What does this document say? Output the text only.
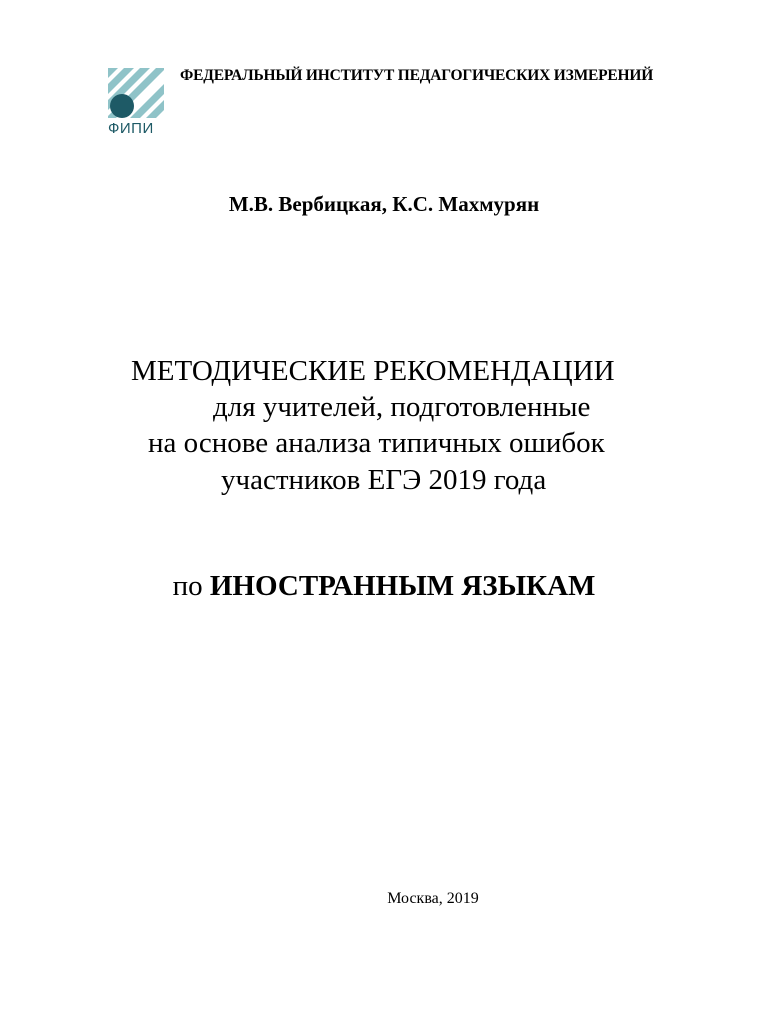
ФИПИ
ФЕДЕРАЛЬНЫЙ ИНСТИТУТ ПЕДАГОГИЧЕСКИХ ИЗМЕРЕНИЙ
М.В. Вербицкая, К.С. Махмурян
МЕТОДИЧЕСКИЕ РЕКОМЕНДАЦИИ
для учителей, подготовленные
на основе анализа типичных ошибок
участников ЕГЭ 2019 года
по ИНОСТРАННЫМ ЯЗЫКАМ
Москва, 2019
